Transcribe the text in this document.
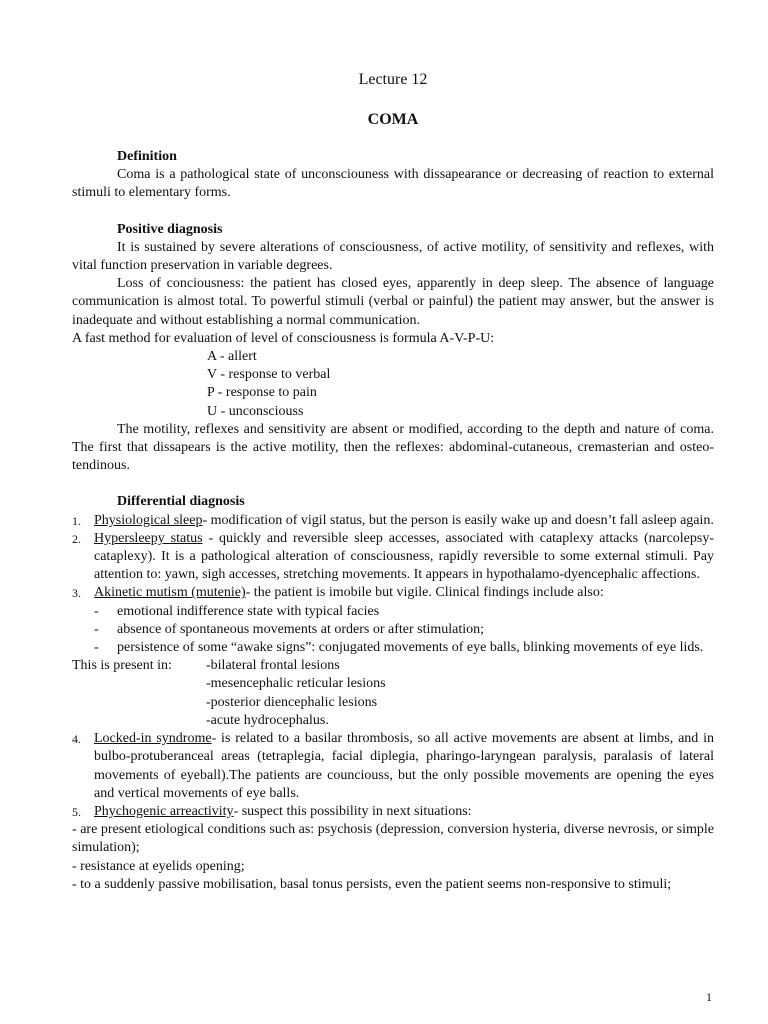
Lecture 12
COMA
Definition
Coma is a pathological state of unconsciouness with dissapearance or decreasing of reaction to external stimuli to elementary forms.
Positive diagnosis
It is sustained by severe alterations of consciousness, of active motility, of sensitivity and reflexes, with vital function preservation in variable degrees.
Loss of conciousness: the patient has closed eyes, apparently in deep sleep. The absence of language communication is almost total. To powerful stimuli (verbal or painful) the patient may answer, but the answer is inadequate and without establishing a normal communication.
A fast method for evaluation of level of consciousness is formula A-V-P-U:
A - allert
V - response to verbal
P - response to pain
U - unconsciouss
The motility, reflexes and sensitivity are absent or modified, according to the depth and nature of coma. The first that dissapears is the active motility, then the reflexes: abdominal-cutaneous, cremasterian and osteo- tendinous.
Differential diagnosis
1. Physiological sleep- modification of vigil status, but the person is easily wake up and doesn’t fall asleep again.
2. Hypersleepy status - quickly and reversible sleep accesses, associated with cataplexy attacks (narcolepsy-cataplexy). It is a pathological alteration of consciousness, rapidly reversible to some external stimuli. Pay attention to: yawn, sigh accesses, stretching movements. It appears in hypothalamo-dyencephalic affections.
3. Akinetic mutism (mutenie)- the patient is imobile but vigile. Clinical findings include also:
- emotional indifference state with typical facies
- absence of spontaneous movements at orders or after stimulation;
- persistence of some “awake signs”: conjugated movements of eye balls, blinking movements of eye lids.
This is present in:	-bilateral frontal lesions
-mesencephalic reticular lesions
-posterior diencephalic lesions
-acute hydrocephalus.
4. Locked-in syndrome- is related to a basilar thrombosis, so all active movements are absent at limbs, and in bulbo-protuberanceal areas (tetraplegia, facial diplegia, pharingo-laryngean paralysis, paralasis of lateral movements of eyeball).The patients are counciouss, but the only possible movements are opening the eyes and vertical movements of eye balls.
5. Phychogenic arreactivity- suspect this possibility in next situations:
- are present etiological conditions such as: psychosis (depression, conversion hysteria, diverse nevrosis, or simple simulation);
- resistance at eyelids opening;
- to a suddenly passive mobilisation, basal tonus persists, even the patient seems non-responsive to stimuli;
1
